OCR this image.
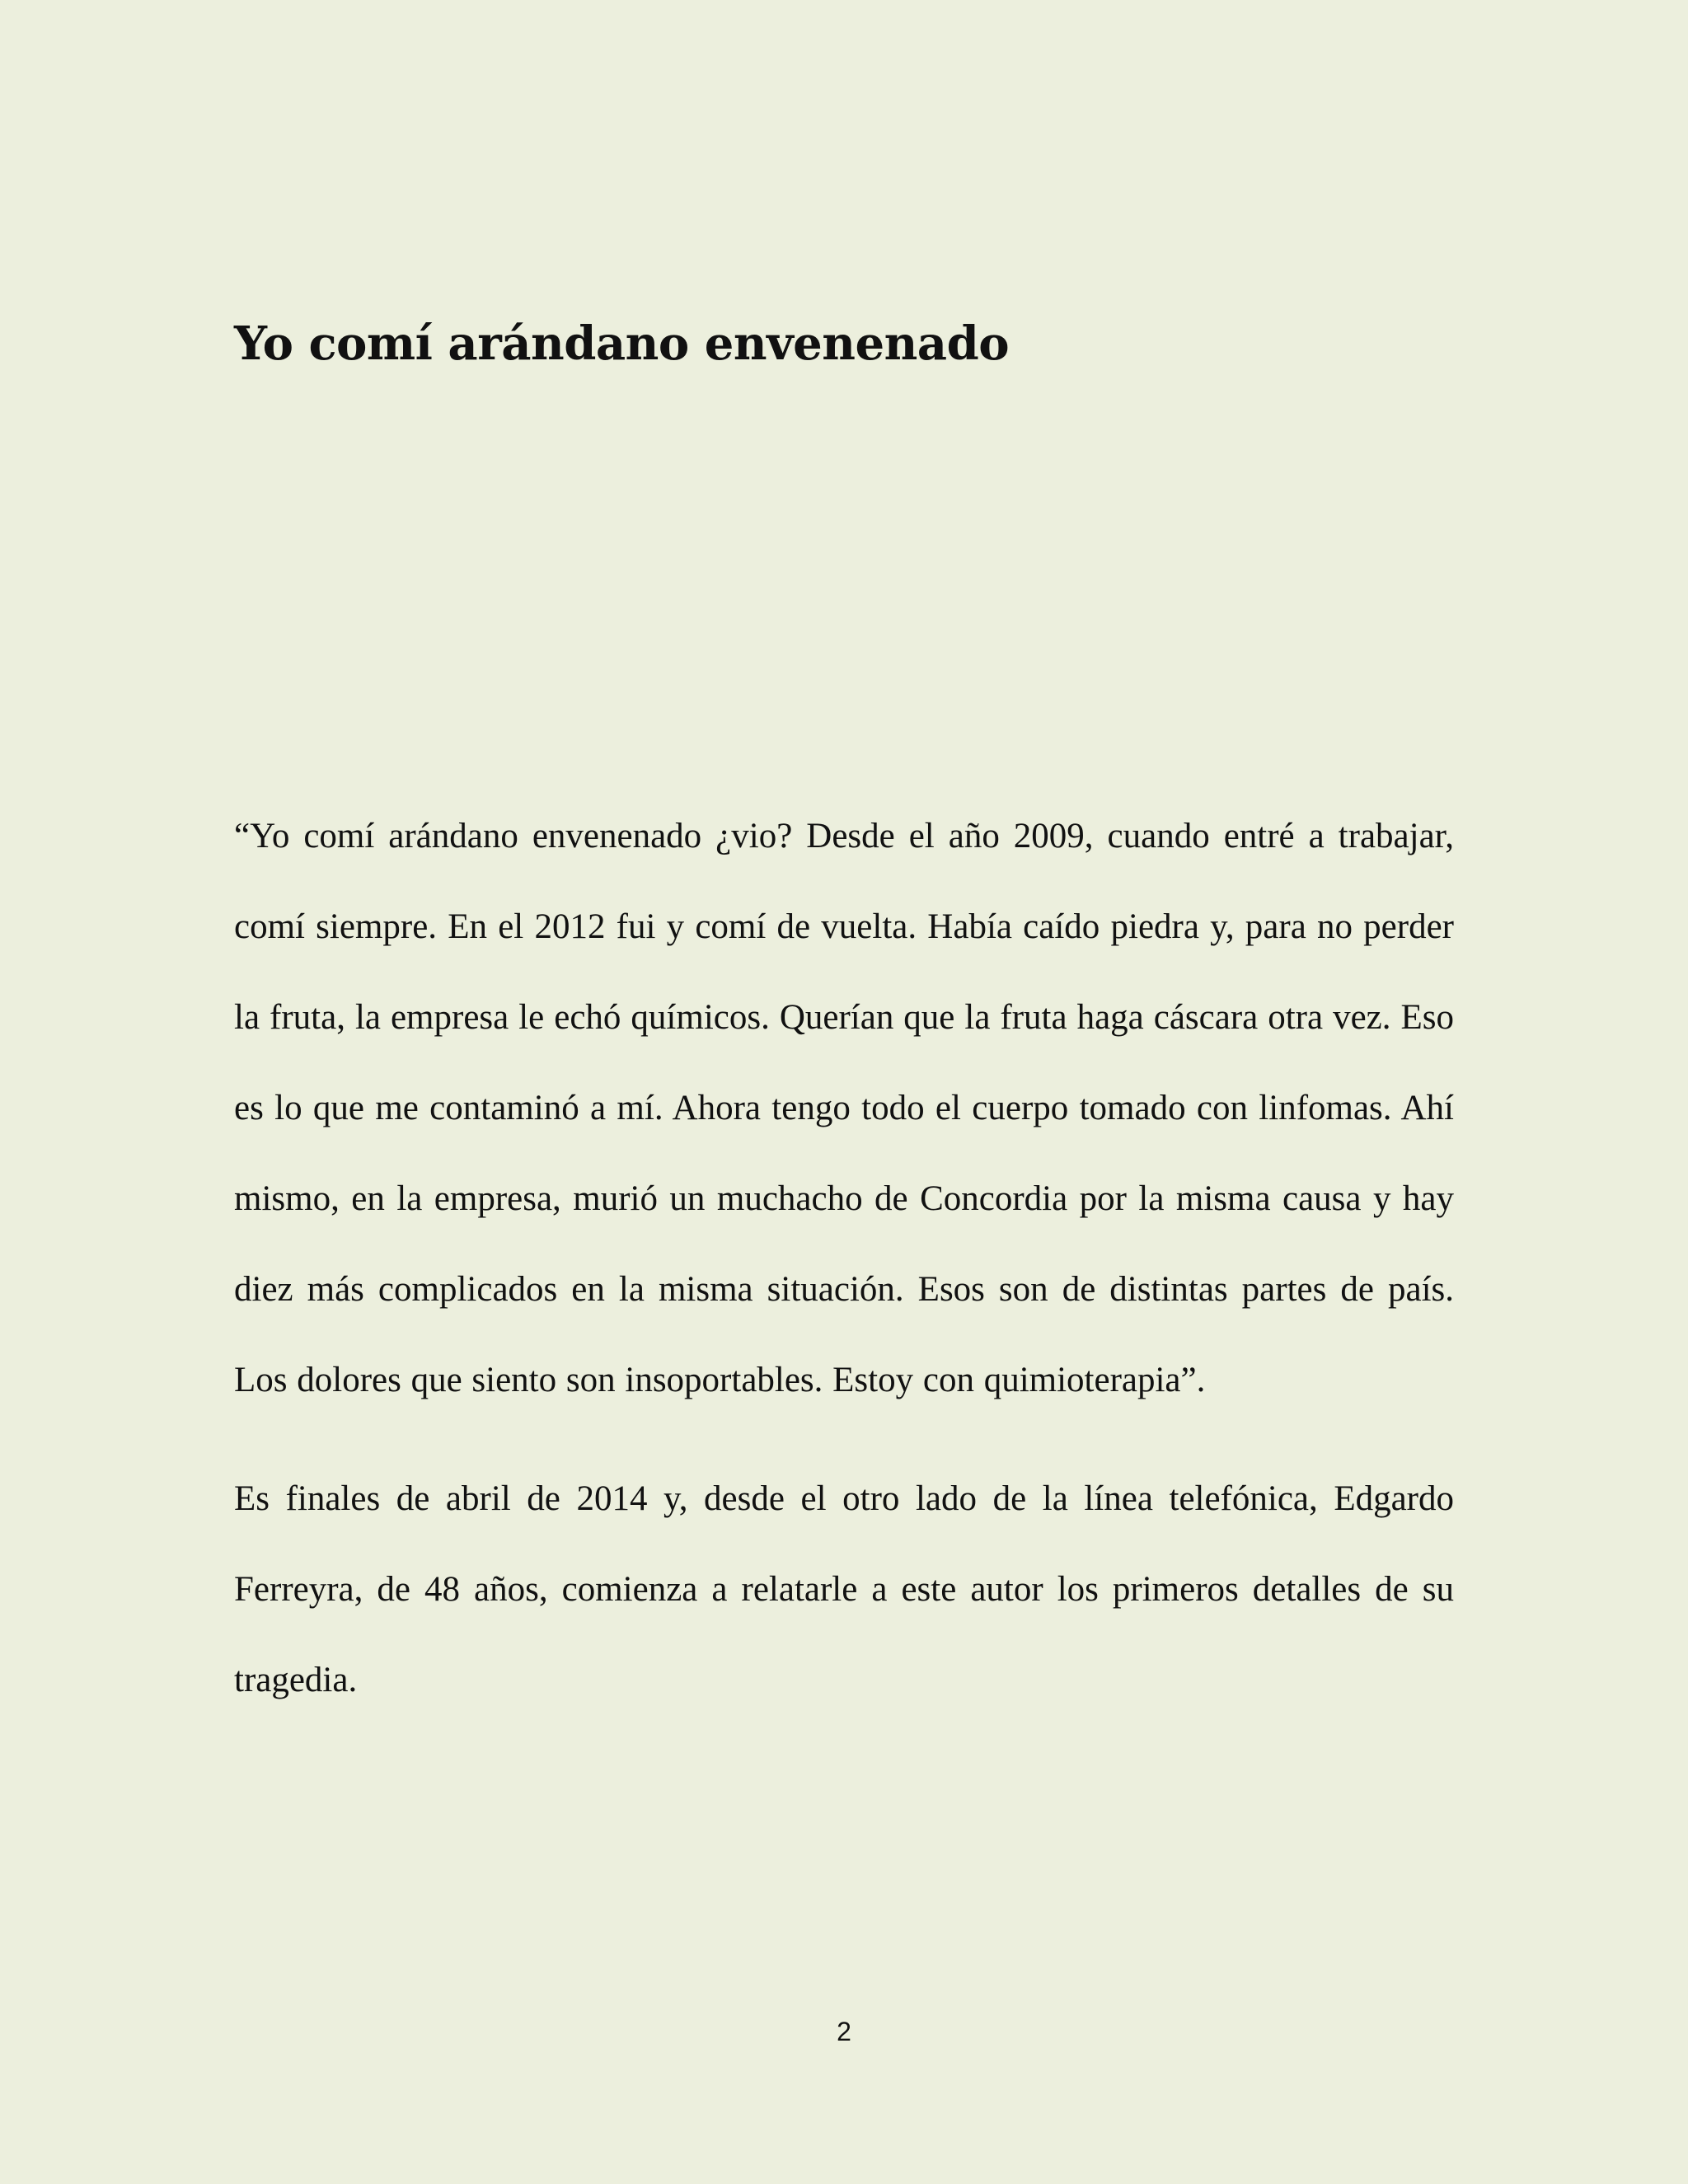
Yo comí arándano envenenado

“Yo comí arándano envenenado ¿vio? Desde el año 2009, cuando entré a trabajar, comí siempre. En el 2012 fui y comí de vuelta. Había caído piedra y, para no perder la fruta, la empresa le echó químicos. Querían que la fruta haga cáscara otra vez. Eso es lo que me contaminó a mí. Ahora tengo todo el cuerpo tomado con linfomas. Ahí mismo, en la empresa, murió un muchacho de Concordia por la misma causa y hay diez más complicados en la misma situación. Esos son de distintas partes de país. Los dolores que siento son insoportables. Estoy con quimioterapia”.

Es finales de abril de 2014 y, desde el otro lado de la línea telefónica, Edgardo Ferreyra, de 48 años, comienza a relatarle a este autor los primeros detalles de su tragedia.

2
